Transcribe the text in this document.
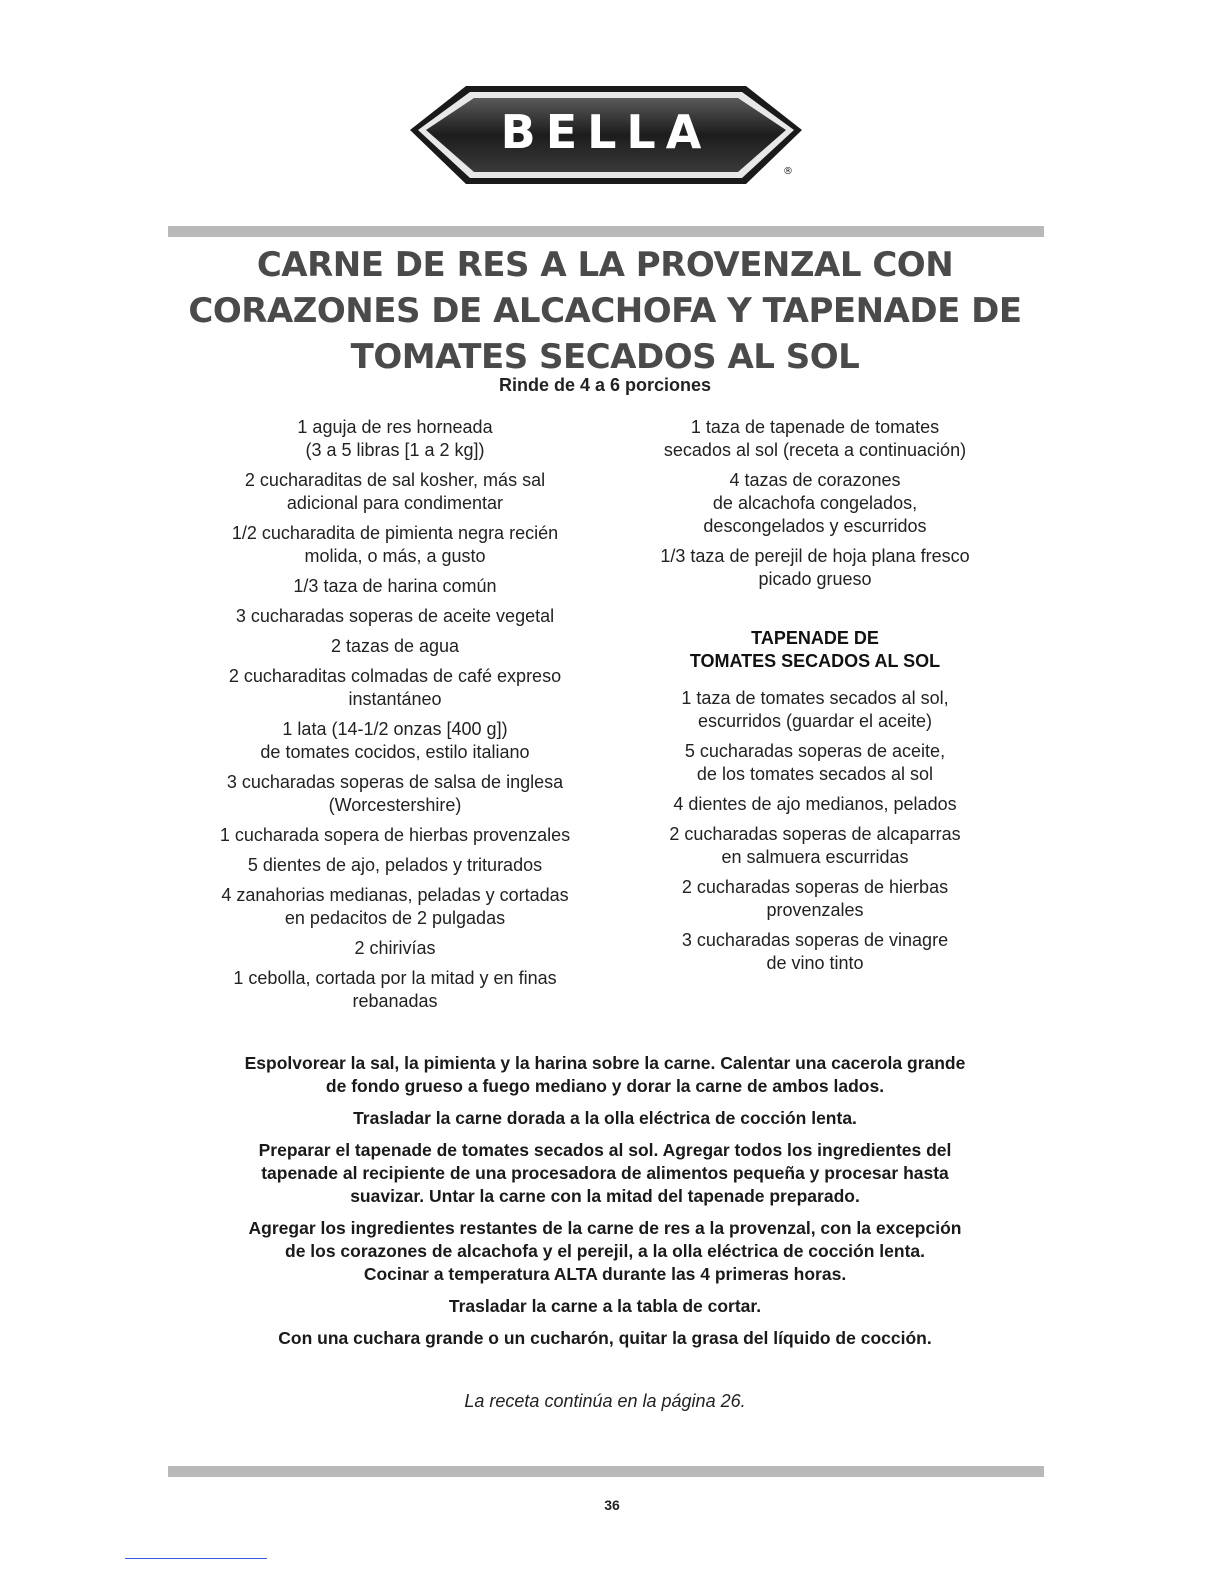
BELLA
®
CARNE DE RES A LA PROVENZAL CON
CORAZONES DE ALCACHOFA Y TAPENADE DE
TOMATES SECADOS AL SOL
Rinde de 4 a 6 porciones

1 aguja de res horneada
(3 a 5 libras [1 a 2 kg])

2 cucharaditas de sal kosher, más sal
adicional para condimentar

1/2 cucharadita de pimienta negra recién
molida, o más, a gusto

1/3 taza de harina común

3 cucharadas soperas de aceite vegetal

2 tazas de agua

2 cucharaditas colmadas de café expreso
instantáneo

1 lata (14-1/2 onzas [400 g])
de tomates cocidos, estilo italiano

3 cucharadas soperas de salsa de inglesa
(Worcestershire)

1 cucharada sopera de hierbas provenzales

5 dientes de ajo, pelados y triturados

4 zanahorias medianas, peladas y cortadas
en pedacitos de 2 pulgadas

2 chirivías

1 cebolla, cortada por la mitad y en finas
rebanadas

1 taza de tapenade de tomates
secados al sol (receta a continuación)

4 tazas de corazones
de alcachofa congelados,
descongelados y escurridos

1/3 taza de perejil de hoja plana fresco
picado grueso

TAPENADE DE
TOMATES SECADOS AL SOL

1 taza de tomates secados al sol,
escurridos (guardar el aceite)

5 cucharadas soperas de aceite,
de los tomates secados al sol

4 dientes de ajo medianos, pelados

2 cucharadas soperas de alcaparras
en salmuera escurridas

2 cucharadas soperas de hierbas
provenzales

3 cucharadas soperas de vinagre
de vino tinto

Espolvorear la sal, la pimienta y la harina sobre la carne. Calentar una cacerola grande
de fondo grueso a fuego mediano y dorar la carne de ambos lados.

Trasladar la carne dorada a la olla eléctrica de cocción lenta.

Preparar el tapenade de tomates secados al sol. Agregar todos los ingredientes del
tapenade al recipiente de una procesadora de alimentos pequeña y procesar hasta
suavizar. Untar la carne con la mitad del tapenade preparado.

Agregar los ingredientes restantes de la carne de res a la provenzal, con la excepción
de los corazones de alcachofa y el perejil, a la olla eléctrica de cocción lenta.
Cocinar a temperatura ALTA durante las 4 primeras horas.

Trasladar la carne a la tabla de cortar.

Con una cuchara grande o un cucharón, quitar la grasa del líquido de cocción.

La receta continúa en la página 26.
36
